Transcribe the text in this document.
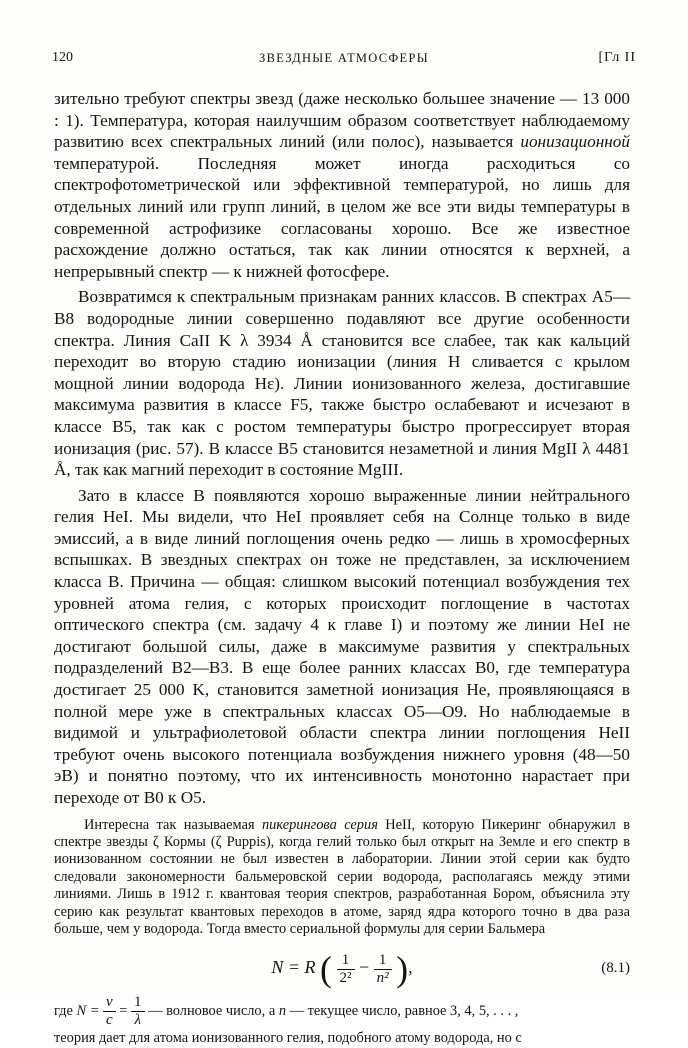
120	ЗВЕЗДНЫЕ АТМОСФЕРЫ	[Гл II

зительно требуют спектры звезд (даже несколько большее значение — 13 000 : 1). Температура, которая наилучшим образом соответствует наблюдаемому развитию всех спектральных линий (или полос), называется ионизационной температурой. Последняя может иногда расходиться со спектрофотометрической или эффективной температурой, но лишь для отдельных линий или групп линий, в целом же все эти виды температуры в современной астрофизике согласованы хорошо. Все же известное расхождение должно остаться, так как линии относятся к верхней, а непрерывный спектр — к нижней фотосфере.

Возвратимся к спектральным признакам ранних классов. В спектрах A5—B8 водородные линии совершенно подавляют все другие особенности спектра. Линия CaII K λ 3934 Å становится все слабее, так как кальций переходит во вторую стадию ионизации (линия H сливается с крылом мощной линии водорода Hε). Линии ионизованного железа, достигавшие максимума развития в классе F5, также быстро ослабевают и исчезают в классе B5, так как с ростом температуры быстро прогрессирует вторая ионизация (рис. 57). В классе B5 становится незаметной и линия MgII λ 4481 Å, так как магний переходит в состояние MgIII.

Зато в классе B появляются хорошо выраженные линии нейтрального гелия HeI. Мы видели, что HeI проявляет себя на Солнце только в виде эмиссий, а в виде линий поглощения очень редко — лишь в хромосферных вспышках. В звездных спектрах он тоже не представлен, за исключением класса B. Причина — общая: слишком высокий потенциал возбуждения тех уровней атома гелия, с которых происходит поглощение в частотах оптического спектра (см. задачу 4 к главе I) и поэтому же линии HeI не достигают большой силы, даже в максимуме развития у спектральных подразделений B2—B3. В еще более ранних классах B0, где температура достигает 25 000 K, становится заметной ионизация He, проявляющаяся в полной мере уже в спектральных классах O5—O9. Но наблюдаемые в видимой и ультрафиолетовой области спектра линии поглощения HeII требуют очень высокого потенциала возбуждения нижнего уровня (48—50 эВ) и понятно поэтому, что их интенсивность монотонно нарастает при переходе от B0 к O5.

Интересна так называемая пикеринговa серия HeII, которую Пикеринг обнаружил в спектре звезды ζ Кормы (ζ Puppis), когда гелий только был открыт на Земле и его спектр в ионизованном состоянии не был известен в лаборатории. Линии этой серии как будто следовали закономерности бальмеровской серии водорода, располагаясь между этими линиями. Лишь в 1912 г. квантовая теория спектров, разработанная Бором, объяснила эту серию как результат квантовых переходов в атоме, заряд ядра которого точно в два раза больше, чем у водорода. Тогда вместо сериальной формулы для серии Бальмера

N = R ( $\frac{1}{\text{2²}} - \frac{1}{\text{n²}}$ ),	(8.1)
где $N = \frac{\nu}{c} = \frac{1}{\lambda}$ — волновое число, а n — текущее число, равное 3, 4, 5, . . . ,
теория дает для атома ионизованного гелия, подобного атому водорода, но с
